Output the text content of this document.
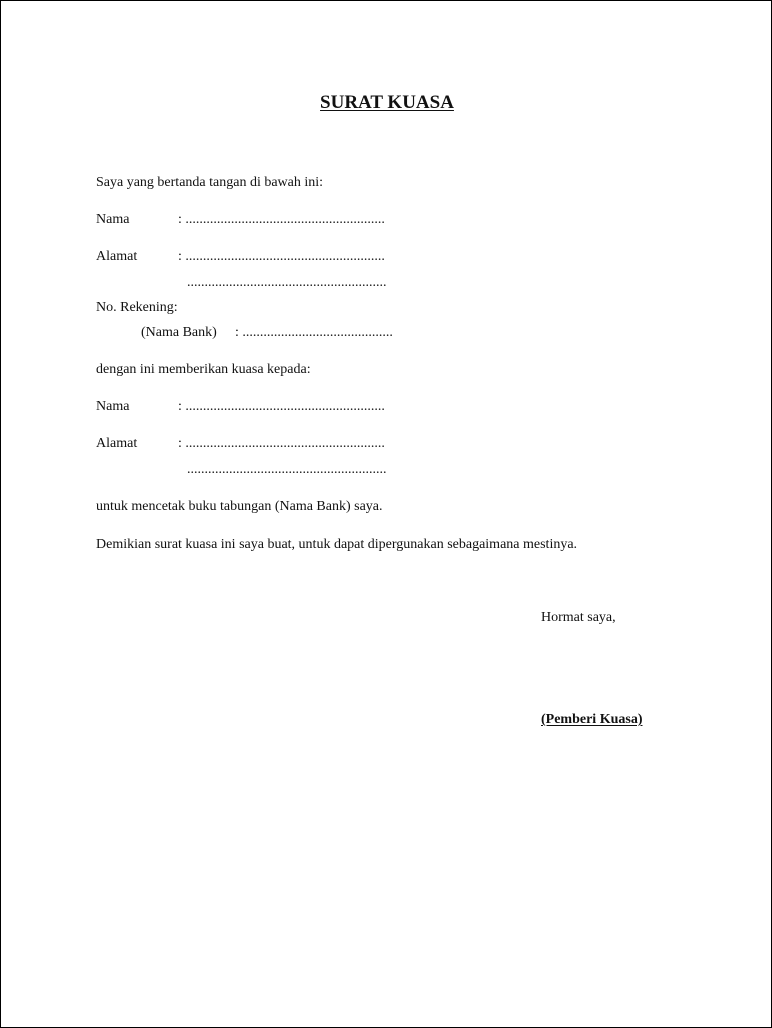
SURAT KUASA
Saya yang bertanda tangan di bawah ini:
Nama	: .........................................................
Alamat	: .........................................................
.........................................................
No. Rekening:
(Nama Bank) : ...........................................
dengan ini memberikan kuasa kepada:
Nama	: .........................................................
Alamat	: .........................................................
.........................................................
untuk mencetak buku tabungan (Nama Bank) saya.
Demikian surat kuasa ini saya buat, untuk dapat dipergunakan sebagaimana mestinya.
Hormat saya,
(Pemberi Kuasa)
